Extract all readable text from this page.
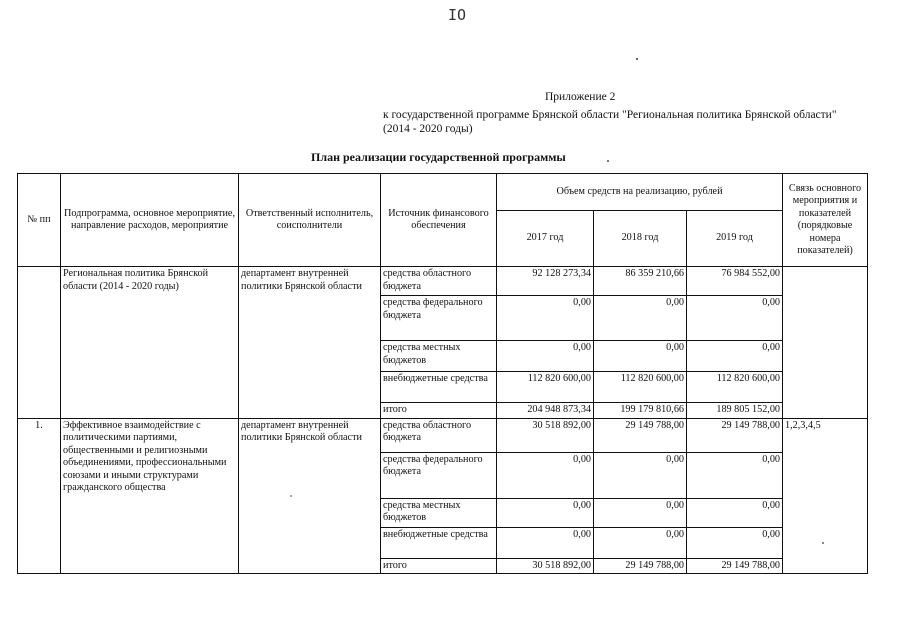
IO
Приложение 2
к государственной программе Брянской области "Региональная политика Брянской области" (2014 - 2020 годы)
План реализации государственной программы
№ пп	Подпрограмма, основное мероприятие, направление расходов, мероприятие	Ответственный исполнитель, соисполнители	Источник финансового обеспечения	Объем средств на реализацию, рублей			Связь основного мероприятия и показателей (порядковые номера показателей)
				2017 год	2018 год	2019 год	
	Региональная политика Брянской области (2014 - 2020 годы)	департамент внутренней политики Брянской области	средства областного бюджета	92 128 273,34	86 359 210,66	76 984 552,00	
			средства федерального бюджета	0,00	0,00	0,00	
			средства местных бюджетов	0,00	0,00	0,00	
			внебюджетные средства	112 820 600,00	112 820 600,00	112 820 600,00	
			итого	204 948 873,34	199 179 810,66	189 805 152,00	
1.	Эффективное взаимодействие с политическими партиями, общественными и религиозными объединениями, профессиональными союзами и иными структурами гражданского общества	департамент внутренней политики Брянской области	средства областного бюджета	30 518 892,00	29 149 788,00	29 149 788,00	1,2,3,4,5
			средства федерального бюджета	0,00	0,00	0,00	
			средства местных бюджетов	0,00	0,00	0,00	
			внебюджетные средства	0,00	0,00	0,00	
			итого	30 518 892,00	29 149 788,00	29 149 788,00	
